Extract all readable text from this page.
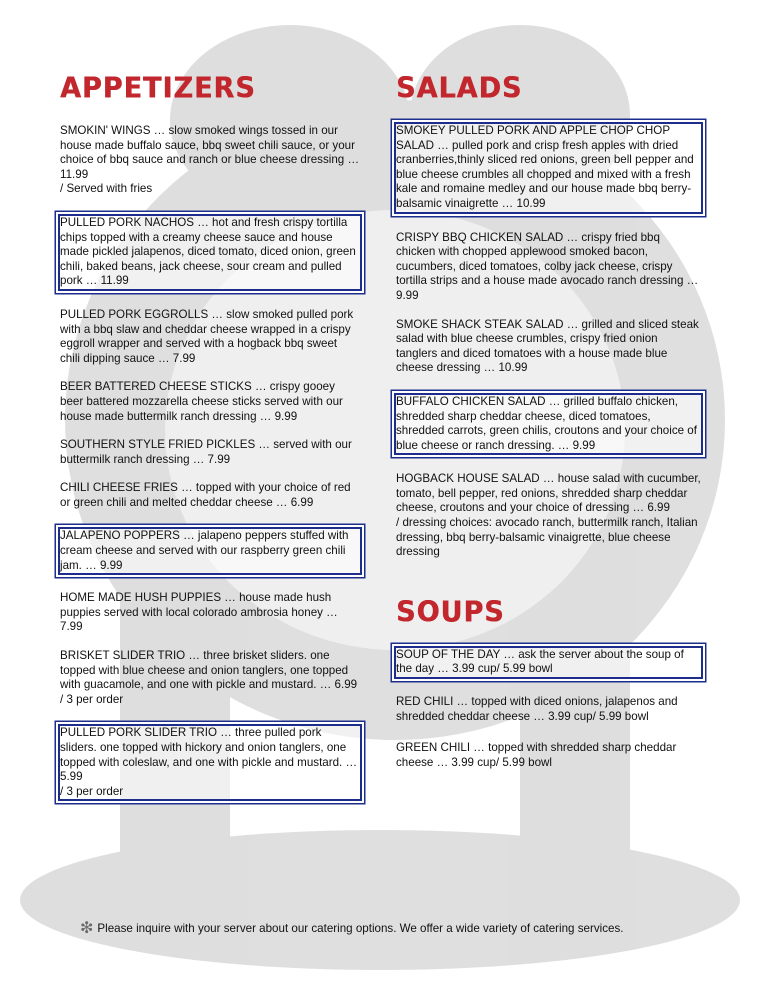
APPETIZERS

SMOKIN' WINGS … slow smoked wings tossed in our house made buffalo sauce, bbq sweet chili sauce, or your choice of bbq sauce and ranch or blue cheese dressing … 11.99

/ Served with fries

PULLED PORK NACHOS … hot and fresh crispy tortilla chips topped with a creamy cheese sauce and house made pickled jalapenos, diced tomato, diced onion, green chili, baked beans, jack cheese, sour cream and pulled pork … 11.99

PULLED PORK EGGROLLS … slow smoked pulled pork with a bbq slaw and cheddar cheese wrapped in a crispy eggroll wrapper and served with a hogback bbq sweet chili dipping sauce … 7.99

BEER BATTERED CHEESE STICKS … crispy gooey beer battered mozzarella cheese sticks served with our house made buttermilk ranch dressing … 9.99

SOUTHERN STYLE FRIED PICKLES … served with our buttermilk ranch dressing … 7.99

CHILI CHEESE FRIES … topped with your choice of red or green chili and melted cheddar cheese … 6.99

JALAPENO POPPERS … jalapeno peppers stuffed with cream cheese and served with our raspberry green chili jam. … 9.99

HOME MADE HUSH PUPPIES … house made hush puppies served with local colorado ambrosia honey … 7.99

BRISKET SLIDER TRIO … three brisket sliders. one topped with blue cheese and onion tanglers, one topped with guacamole, and one with pickle and mustard. … 6.99

/ 3 per order

PULLED PORK SLIDER TRIO … three pulled pork sliders. one topped with hickory and onion tanglers, one topped with coleslaw, and one with pickle and mustard. … 5.99

/ 3 per order
SALADS

SMOKEY PULLED PORK AND APPLE CHOP CHOP SALAD … pulled pork and crisp fresh apples with dried cranberries,thinly sliced red onions, green bell pepper and blue cheese crumbles all chopped and mixed with a fresh kale and romaine medley and our house made bbq berry-balsamic vinaigrette … 10.99

CRISPY BBQ CHICKEN SALAD … crispy fried bbq chicken with chopped applewood smoked bacon, cucumbers, diced tomatoes, colby jack cheese, crispy tortilla strips and a house made avocado ranch dressing … 9.99

SMOKE SHACK STEAK SALAD … grilled and sliced steak salad with blue cheese crumbles, crispy fried onion tanglers and diced tomatoes with a house made blue cheese dressing … 10.99

BUFFALO CHICKEN SALAD … grilled buffalo chicken, shredded sharp cheddar cheese, diced tomatoes, shredded carrots, green chilis, croutons and your choice of blue cheese or ranch dressing. … 9.99

HOGBACK HOUSE SALAD … house salad with cucumber, tomato, bell pepper, red onions, shredded sharp cheddar cheese, croutons and your choice of dressing … 6.99

/ dressing choices: avocado ranch, buttermilk ranch, Italian dressing, bbq berry-balsamic vinaigrette, blue cheese dressing
SOUPS

SOUP OF THE DAY … ask the server about the soup of the day … 3.99 cup/ 5.99 bowl

RED CHILI … topped with diced onions, jalapenos and shredded cheddar cheese … 3.99 cup/ 5.99 bowl

GREEN CHILI … topped with shredded sharp cheddar cheese … 3.99 cup/ 5.99 bowl

❇ Please inquire with your server about our catering options. We offer a wide variety of catering services.
